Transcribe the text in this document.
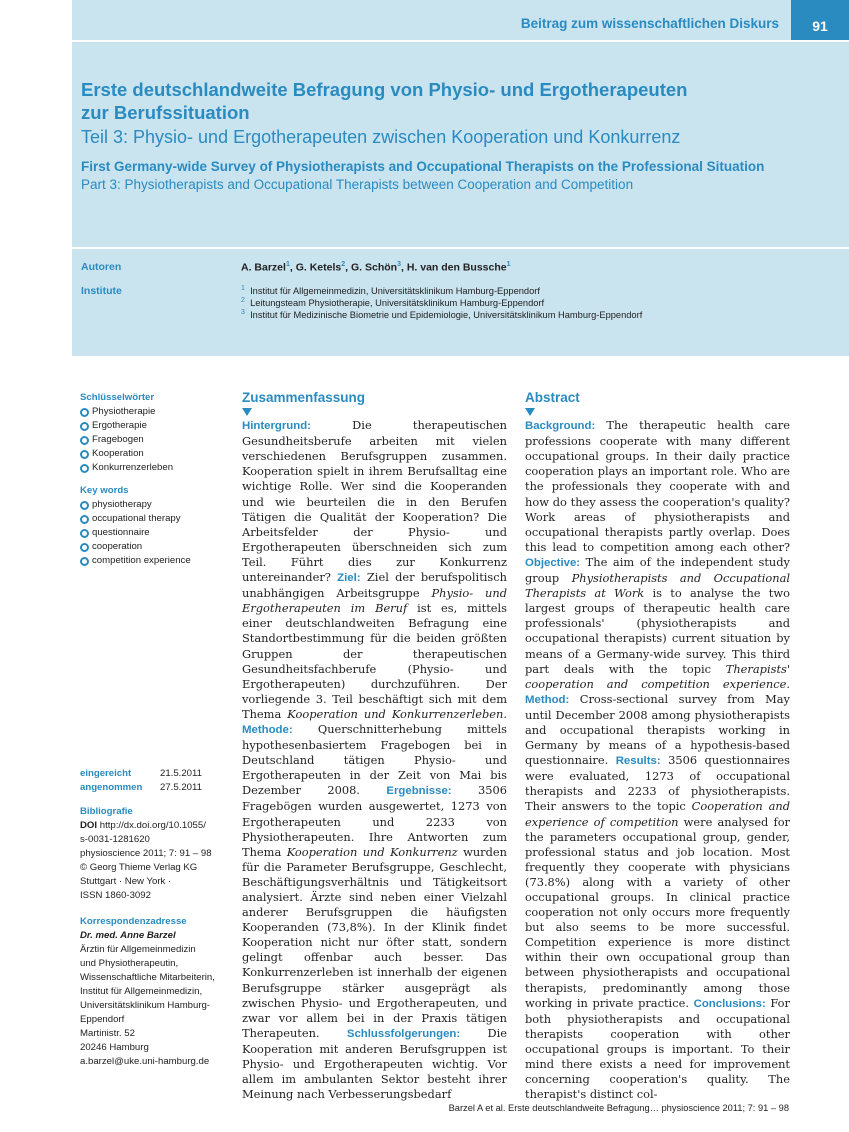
Beitrag zum wissenschaftlichen Diskurs	91
Erste deutschlandweite Befragung von Physio- und Ergotherapeuten
zur Berufssituation
Teil 3: Physio- und Ergotherapeuten zwischen Kooperation und Konkurrenz
First Germany-wide Survey of Physiotherapists and Occupational Therapists on the Professional Situation
Part 3: Physiotherapists and Occupational Therapists between Cooperation and Competition
Autoren	A. Barzel$^1$, G. Ketels$^2$, G. Schön$^3$, H. van den Bussche$^1$
Institute	$^1$ Institut für Allgemeinmedizin, Universitätsklinikum Hamburg-Eppendorf
$^2$ Leitungsteam Physiotherapie, Universitätsklinikum Hamburg-Eppendorf
$^3$ Institut für Medizinische Biometrie und Epidemiologie, Universitätsklinikum Hamburg-Eppendorf
Schlüsselwörter
Physiotherapie
Ergotherapie
Fragebogen
Kooperation
Konkurrenzerleben
Key words
physiotherapy
occupational therapy
questionnaire
cooperation
competition experience
eingereicht	21.5.2011
angenommen 27.5.2011
Bibliografie
DOI http://dx.doi.org/10.1055/
s-0031-1281620
physioscience 2011; 7: 91 – 98
© Georg Thieme Verlag KG
Stuttgart · New York ·
ISSN 1860-3092
Korrespondenzadresse
Dr. med. Anne Barzel
Ärztin für Allgemeinmedizin
und Physiotherapeutin,
Wissenschaftliche Mitarbeiterin,
Institut für Allgemeinmedizin,
Universitätsklinikum Hamburg-
Eppendorf
Martinistr. 52
20246 Hamburg
a.barzel@uke.uni-hamburg.de
Zusammenfassung

Hintergrund:	Die therapeutischen Gesundheitsberufe arbeiten mit vielen verschiedenen Berufsgruppen zusammen. Kooperation spielt in ihrem Berufsalltag eine wichtige Rolle. Wer sind die Kooperanden und wie beurteilen die in den Berufen Tätigen die Qualität der Kooperation? Die Arbeitsfelder der Physio- und Ergotherapeuten überschneiden sich zum Teil. Führt dies zur Konkurrenz untereinander? Ziel: Ziel der berufspolitisch unabhängigen Arbeitsgruppe Physio- und Ergotherapeuten im Beruf ist es, mittels einer deutschlandweiten Befragung eine Standortbestimmung für die beiden größten Gruppen der therapeutischen Gesundheitsfachberufe (Physio- und Ergotherapeuten) durchzuführen. Der vorliegende 3. Teil beschäftigt sich mit dem Thema Kooperation und Konkurrenzerleben. Methode: Querschnitterhebung mittels hypothesenbasiertem Fragebogen bei in Deutschland tätigen Physio- und Ergotherapeuten in der Zeit von Mai bis Dezember 2008. Ergebnisse: 3506 Fragebögen wurden ausgewertet, 1273 von Ergotherapeuten und 2233 von Physiotherapeuten. Ihre Antworten zum Thema Kooperation und Konkurrenz wurden für die Parameter Berufsgruppe, Geschlecht, Beschäftigungsverhältnis und Tätigkeitsort analysiert. Ärzte sind neben einer Vielzahl anderer Berufsgruppen die häufigsten Kooperanden (73,8%). In der Klinik findet Kooperation nicht nur öfter statt, sondern gelingt offenbar auch besser. Das Konkurrenzerleben ist innerhalb der eigenen Berufsgruppe stärker ausgeprägt als zwischen Physio- und Ergotherapeuten, und zwar vor allem bei in der Praxis tätigen Therapeuten. Schlussfolgerungen: Die Kooperation mit anderen Berufsgruppen ist Physio- und Ergotherapeuten wichtig. Vor allem im ambulanten Sektor besteht ihrer Meinung nach Verbesserungsbedarf

Abstract

Background: The therapeutic health care professions cooperate with many different occupational groups. In their daily practice cooperation plays an important role. Who are the professionals they cooperate with and how do they assess the cooperation's quality? Work areas of physiotherapists and occupational therapists partly overlap. Does this lead to competition among each other? Objective: The aim of the independent study group Physiotherapists and Occupational Therapists at Work is to analyse the two largest groups of therapeutic health care professionals' (physiotherapists and occupational therapists) current situation by means of a Germany-wide survey. This third part deals with the topic Therapists' cooperation and competition experience. Method: Cross-sectional survey from May until December 2008 among physiotherapists and occupational therapists working in Germany by means of a hypothesis-based questionnaire. Results: 3506 questionnaires were evaluated, 1273 of occupational therapists and 2233 of physiotherapists. Their answers to the topic Cooperation and experience of competition were analysed for the parameters occupational group, gender, professional status and job location. Most frequently they cooperate with physicians (73.8%) along with a variety of other occupational groups. In clinical practice cooperation not only occurs more frequently but also seems to be more successful. Competition experience is more distinct within their own occupational group than between physiotherapists and occupational therapists, predominantly among those working in private practice. Conclusions: For both physiotherapists and occupational therapists cooperation with other occupational groups is important. To their mind there exists a need for improvement concerning cooperation's quality. The therapist's distinct col-

Barzel A et al. Erste deutschlandweite Befragung… physioscience 2011; 7: 91 – 98
